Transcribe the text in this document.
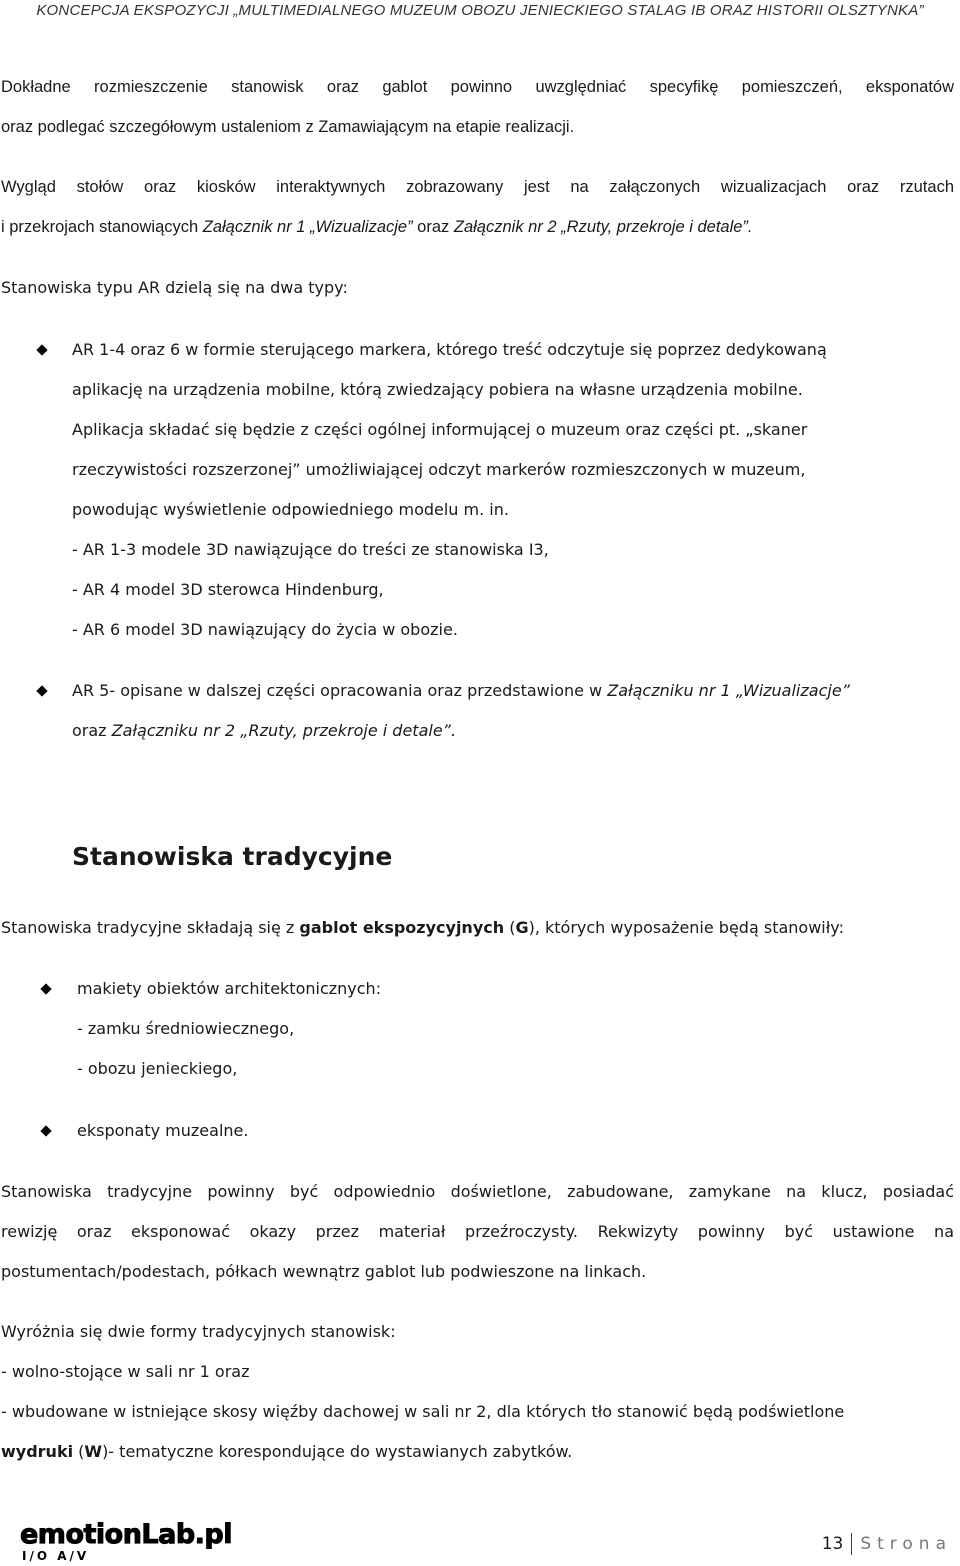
KONCEPCJA EKSPOZYCJI „MULTIMEDIALNEGO MUZEUM OBOZU JENIECKIEGO STALAG IB ORAZ HISTORII OLSZTYNKA”
Dokładne rozmieszczenie stanowisk oraz gablot powinno uwzględniać specyfikę pomieszczeń, eksponatów
oraz podlegać szczegółowym ustaleniom z Zamawiającym na etapie realizacji.
Wygląd stołów oraz kiosków interaktywnych zobrazowany jest na załączonych wizualizacjach oraz rzutach
i przekrojach stanowiących Załącznik nr 1 „Wizualizacje” oraz Załącznik nr 2 „Rzuty, przekroje i detale”.
Stanowiska typu AR dzielą się na dwa typy:
AR 1-4 oraz 6 w formie sterującego markera, którego treść odczytuje się poprzez dedykowaną
aplikację na urządzenia mobilne, którą zwiedzający pobiera na własne urządzenia mobilne.
Aplikacja składać się będzie z części ogólnej informującej o muzeum oraz części pt. „skaner
rzeczywistości rozszerzonej” umożliwiającej odczyt markerów rozmieszczonych w muzeum,
powodując wyświetlenie odpowiedniego modelu m. in.
- AR 1-3 modele 3D nawiązujące do treści ze stanowiska I3,
- AR 4 model 3D sterowca Hindenburg,
- AR 6 model 3D nawiązujący do życia w obozie.
AR 5- opisane w dalszej części opracowania oraz przedstawione w Załączniku nr 1 „Wizualizacje”
oraz Załączniku nr 2 „Rzuty, przekroje i detale”.
Stanowiska tradycyjne
Stanowiska tradycyjne składają się z gablot ekspozycyjnych (G), których wyposażenie będą stanowiły:
makiety obiektów architektonicznych:
- zamku średniowiecznego,
- obozu jenieckiego,
eksponaty muzealne.
Stanowiska tradycyjne powinny być odpowiednio doświetlone, zabudowane, zamykane na klucz, posiadać
rewizję oraz eksponować okazy przez materiał przeźroczysty. Rekwizyty powinny być ustawione na
postumentach/podestach, półkach wewnątrz gablot lub podwieszone na linkach.
Wyróżnia się dwie formy tradycyjnych stanowisk:
- wolno-stojące w sali nr 1 oraz
- wbudowane w istniejące skosy więźby dachowej w sali nr 2, dla których tło stanowić będą podświetlone
wydruki (W)- tematyczne korespondujące do wystawianych zabytków.
emotionLab.pl
I/O A/V
13 Strona
